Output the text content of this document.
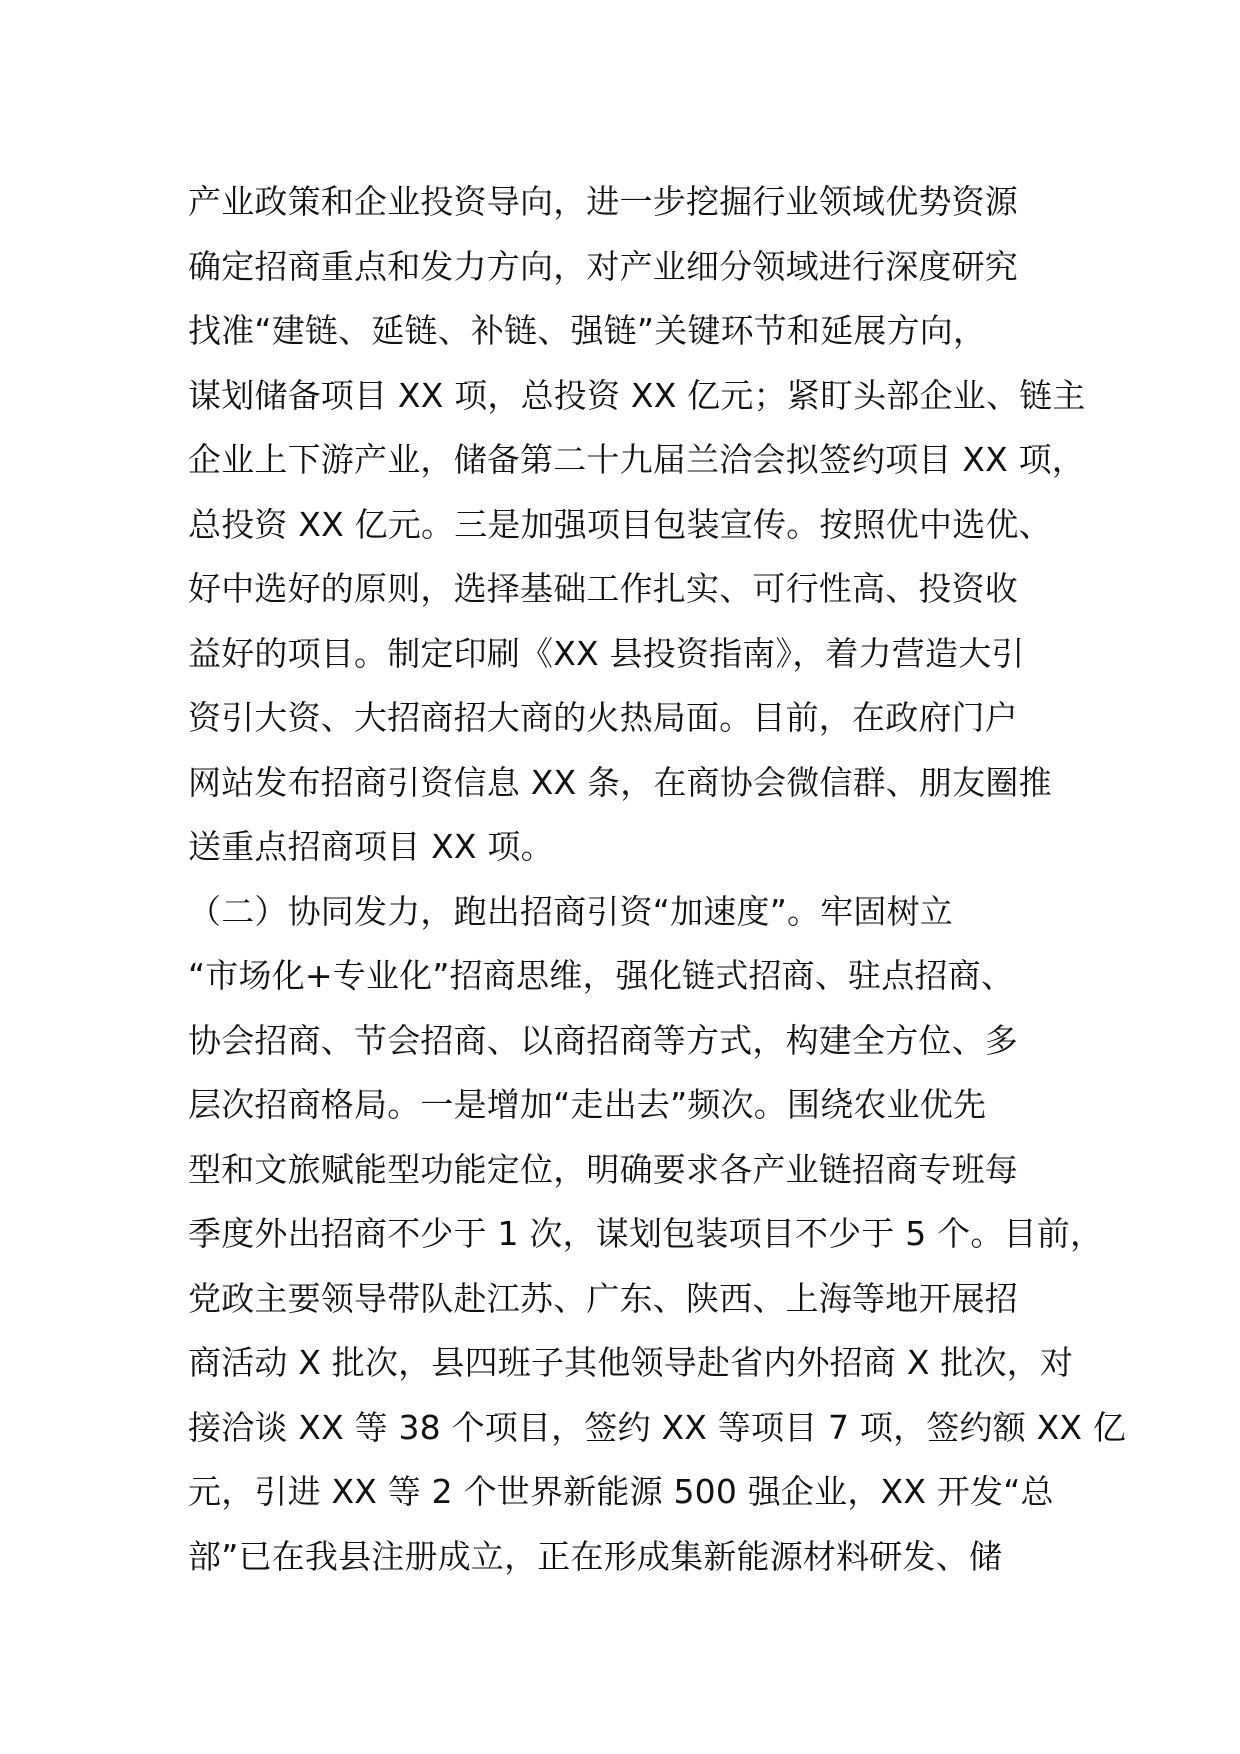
产业政策和企业投资导向，进一步挖掘行业领域优势资源
确定招商重点和发力方向，对产业细分领域进行深度研究
找准“建链、延链、补链、强链”关键环节和延展方向，
谋划储备项目 XX 项，总投资 XX 亿元；紧盯头部企业、链主
企业上下游产业，储备第二十九届兰洽会拟签约项目 XX 项，
总投资 XX 亿元。三是加强项目包装宣传。按照优中选优、
好中选好的原则，选择基础工作扎实、可行性高、投资收
益好的项目。制定印刷《XX 县投资指南》，着力营造大引
资引大资、大招商招大商的火热局面。目前，在政府门户
网站发布招商引资信息 XX 条，在商协会微信群、朋友圈推
送重点招商项目 XX 项。
（二）协同发力，跑出招商引资“加速度”。牢固树立
“市场化+专业化”招商思维，强化链式招商、驻点招商、
协会招商、节会招商、以商招商等方式，构建全方位、多
层次招商格局。一是增加“走出去”频次。围绕农业优先
型和文旅赋能型功能定位，明确要求各产业链招商专班每
季度外出招商不少于 1 次，谋划包装项目不少于 5 个。目前，
党政主要领导带队赴江苏、广东、陕西、上海等地开展招
商活动 X 批次，县四班子其他领导赴省内外招商 X 批次，对
接洽谈 XX 等 38 个项目，签约 XX 等项目 7 项，签约额 XX 亿
元，引进 XX 等 2 个世界新能源 500 强企业，XX 开发“总
部”已在我县注册成立，正在形成集新能源材料研发、储
